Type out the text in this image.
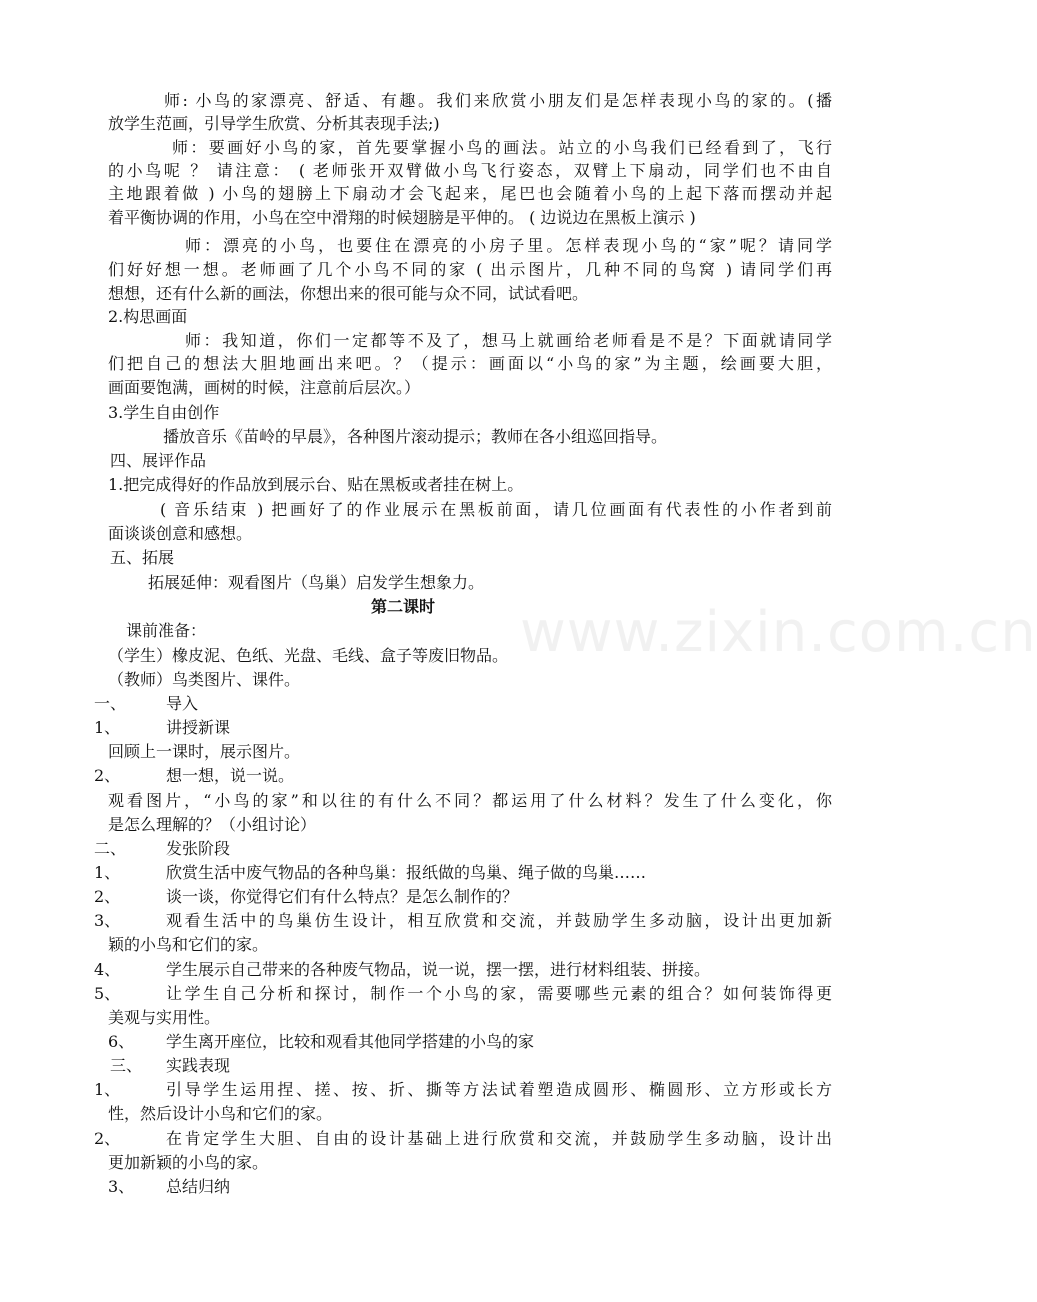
www.zixin.com.cn
师: 小鸟的家漂亮、舒适、有趣。我们来欣赏小朋友们是怎样表现小鸟的家的。(播
放学生范画，引导学生欣赏、分析其表现手法;)
师：要画好小鸟的家，首先要掌握小鸟的画法。站立的小鸟我们已经看到了，飞行
的小鸟呢 ？ 请注意： ( 老师张开双臂做小鸟飞行姿态，双臂上下扇动，同学们也不由自
主地跟着做 ) 小鸟的翅膀上下扇动才会飞起来，尾巴也会随着小鸟的上起下落而摆动并起
着平衡协调的作用，小鸟在空中滑翔的时候翅膀是平伸的。 ( 边说边在黑板上演示 )
师：漂亮的小鸟，也要住在漂亮的小房子里。怎样表现小鸟的“家”呢？请同学
们好好想一想。老师画了几个小鸟不同的家 ( 出示图片，几种不同的鸟窝 ) 请同学们再
想想，还有什么新的画法，你想出来的很可能与众不同，试试看吧。
2.构思画面
师：我知道，你们一定都等不及了，想马上就画给老师看是不是？下面就请同学
们把自己的想法大胆地画出来吧。？（提示：画面以“小鸟的家”为主题，绘画要大胆，
画面要饱满，画树的时候，注意前后层次。）
3.学生自由创作
播放音乐《苗岭的早晨》，各种图片滚动提示；教师在各小组巡回指导。
四、展评作品
1.把完成得好的作品放到展示台、贴在黑板或者挂在树上。
( 音乐结束 ) 把画好了的作业展示在黑板前面，请几位画面有代表性的小作者到前
面谈谈创意和感想。
五、拓展
拓展延伸：观看图片（鸟巢）启发学生想象力。
第二课时
课前准备：
（学生）橡皮泥、色纸、光盘、毛线、盒子等废旧物品。
（教师）鸟类图片、课件。
一、 导入
1、	讲授新课
回顾上一课时，展示图片。
2、	想一想，说一说。
观看图片，“小鸟的家”和以往的有什么不同？都运用了什么材料？发生了什么变化，你
是怎么理解的？（小组讨论）
二、 发张阶段
1、	欣赏生活中废气物品的各种鸟巢：报纸做的鸟巢、绳子做的鸟巢……
2、	谈一谈，你觉得它们有什么特点？是怎么制作的？
3、	观看生活中的鸟巢仿生设计，相互欣赏和交流，并鼓励学生多动脑，设计出更加新
颖的小鸟和它们的家。
4、	学生展示自己带来的各种废气物品，说一说，摆一摆，进行材料组装、拼接。
5、	让学生自己分析和探讨，制作一个小鸟的家，需要哪些元素的组合？如何装饰得更
美观与实用性。
6、 学生离开座位，比较和观看其他同学搭建的小鸟的家
三、 实践表现
1、	引导学生运用捏、搓、按、折、撕等方法试着塑造成圆形、椭圆形、立方形或长方
性，然后设计小鸟和它们的家。
2、	在肯定学生大胆、自由的设计基础上进行欣赏和交流，并鼓励学生多动脑，设计出
更加新颖的小鸟的家。
3、 总结归纳
